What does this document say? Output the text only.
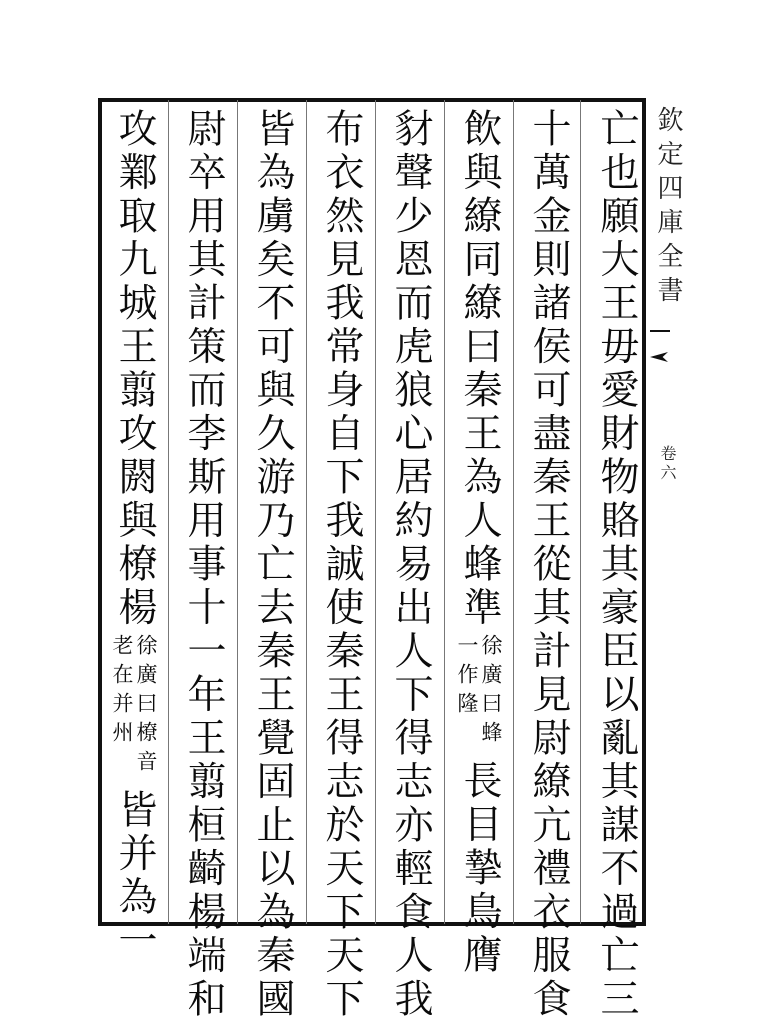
亡也願大王毋愛財物賂其豪臣以亂其謀不過亡三
十萬金則諸侯可盡秦王從其計見尉繚亢禮衣服食
飲與繚同繚曰秦王為人蜂準
一作隆 徐廣曰蜂
長目摯鳥膺
豺聲少恩而虎狼心居約易出人下得志亦輕食人我
布衣然見我常身自下我誠使秦王得志於天下天下
皆為虜矣不可與久游乃亡去秦王覺固止以為秦國
尉卒用其計策而李斯用事十一年王翦桓齮楊端和
攻鄴取九城王翦攻閼與橑楊
老在并州 徐廣曰橑音
皆并為一
欽定四庫全書
卷六
